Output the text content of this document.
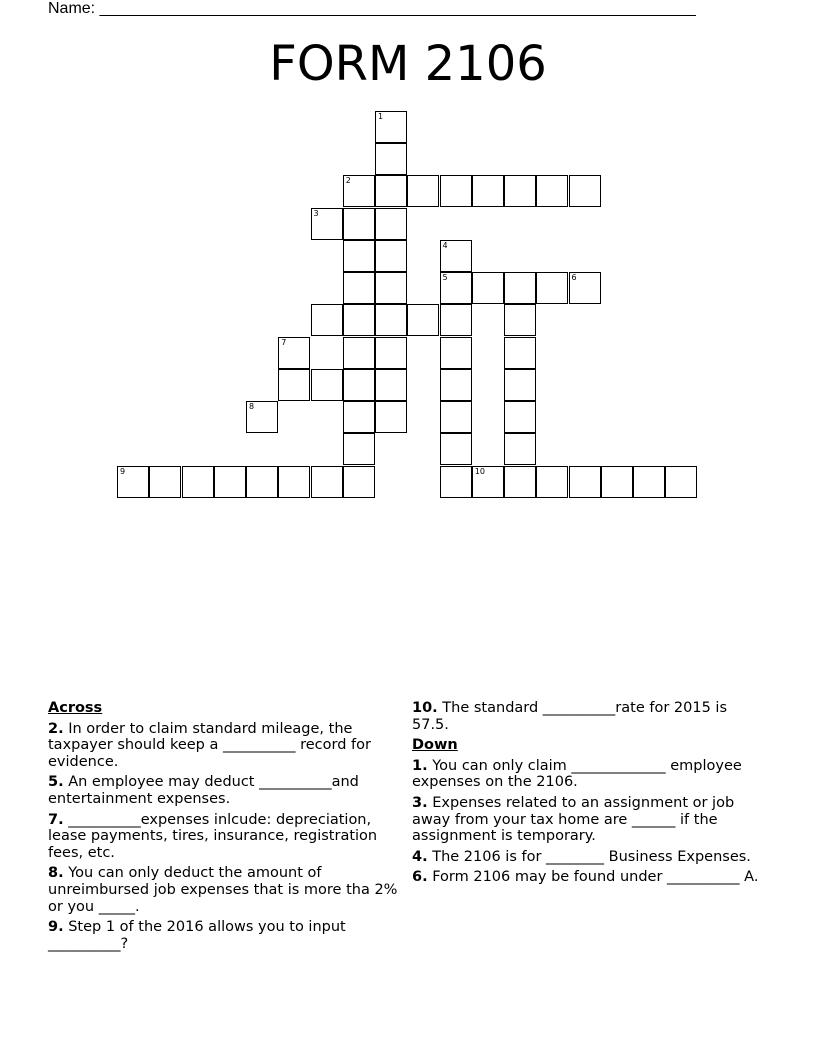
Name: ___________________________________________________________________
FORM 2106
1
2
4
5	6
9	10
3
7
8
Across
2. In order to claim standard mileage, the taxpayer should keep a __________ record for evidence.
5. An employee may deduct __________and entertainment expenses.
7. __________expenses inlcude: depreciation, lease payments, tires, insurance, registration fees, etc.
8. You can only deduct the amount of unreimbursed job expenses that is more tha 2% or you _____.
9. Step 1 of the 2016 allows you to input __________?
10. The standard __________rate for 2015 is 57.5.
Down
1. You can only claim _____________ employee expenses on the 2106.
3. Expenses related to an assignment or job away from your tax home are ______ if the assignment is temporary.
4. The 2106 is for ________ Business Expenses.
6. Form 2106 may be found under __________ A.
